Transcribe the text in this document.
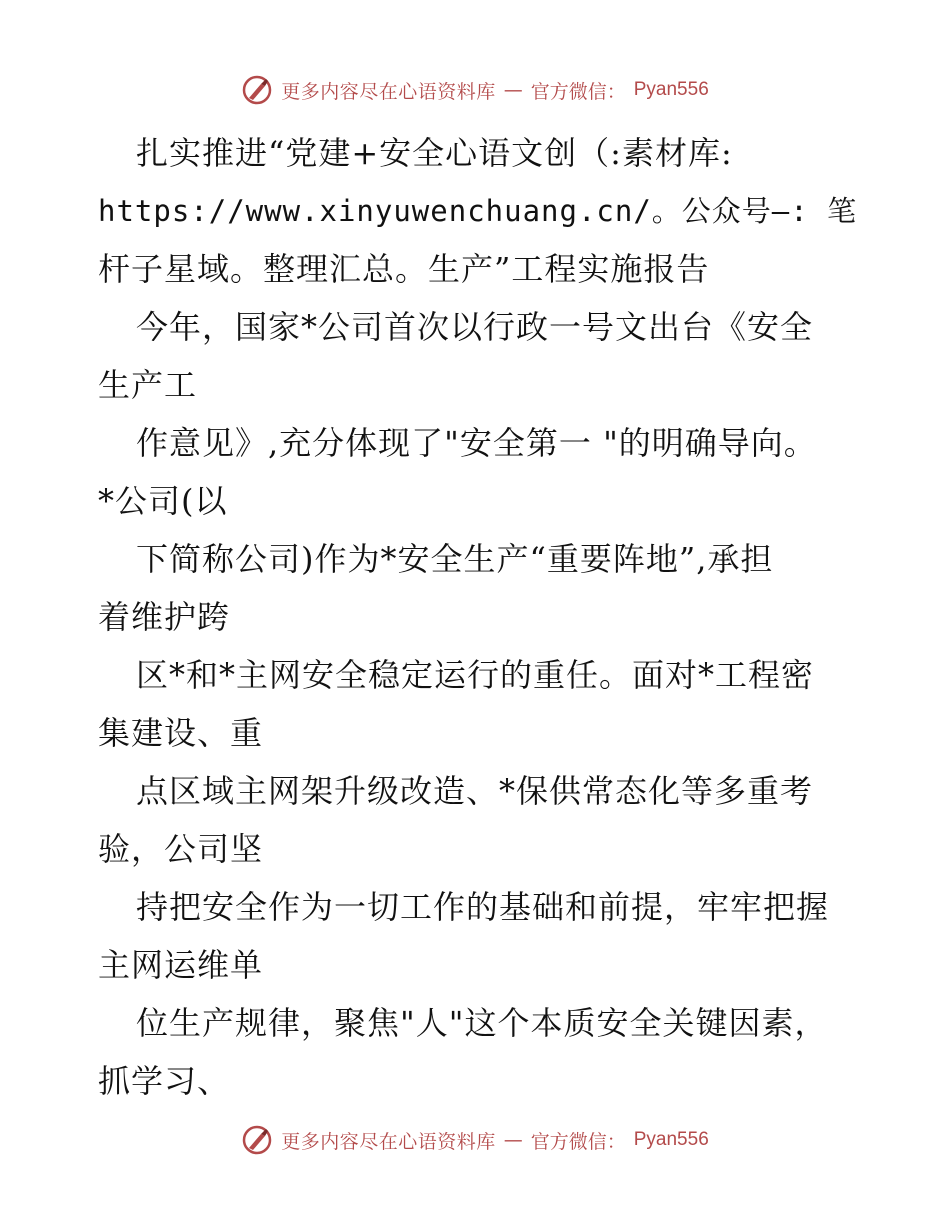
更多内容尽在心语资料库 — 官方微信： Pyan556
扎实推进“党建+安全心语文创（:素材库:
https://www.xinyuwenchuang.cn/。公众号—: 笔
杆子星域。整理汇总。生产”工程实施报告
今年，国家*公司首次以行政一号文出台《安全
生产工
作意见》,充分体现了"安全第一 "的明确导向。
*公司(以
下简称公司)作为*安全生产“重要阵地”,承担
着维护跨
区*和*主网安全稳定运行的重任。面对*工程密
集建设、重
点区域主网架升级改造、*保供常态化等多重考
验，公司坚
持把安全作为一切工作的基础和前提，牢牢把握
主网运维单
位生产规律，聚焦"人"这个本质安全关键因素，
抓学习、
更多内容尽在心语资料库 — 官方微信： Pyan556
